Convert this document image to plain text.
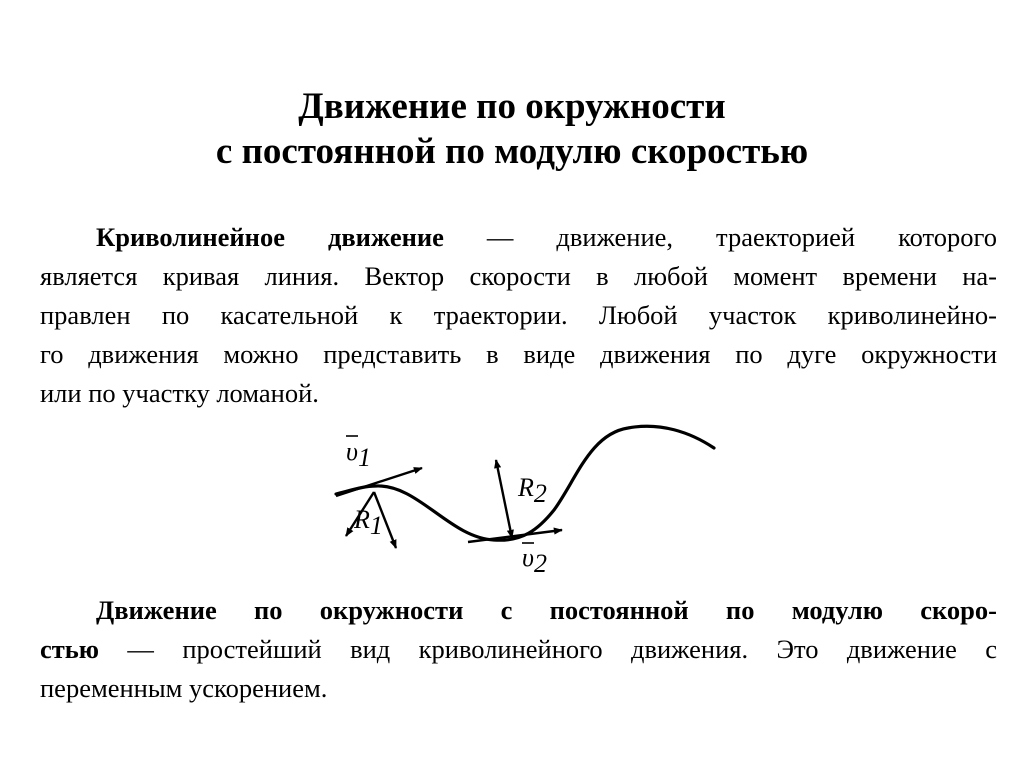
Движение по окружности
с постоянной по модулю скоростью

Криволинейное движение — движение, траекторией которого
является кривая линия. Вектор скорости в любой момент времени на-
правлен по касательной к траектории. Любой участок криволинейно-
го движения можно представить в виде движения по дуге окружности
или по участку ломаной.

υ1
R1
R2
υ2

Движение по окружности с постоянной по модулю скоро-
стью — простейший вид криволинейного движения. Это движение с
переменным ускорением.
